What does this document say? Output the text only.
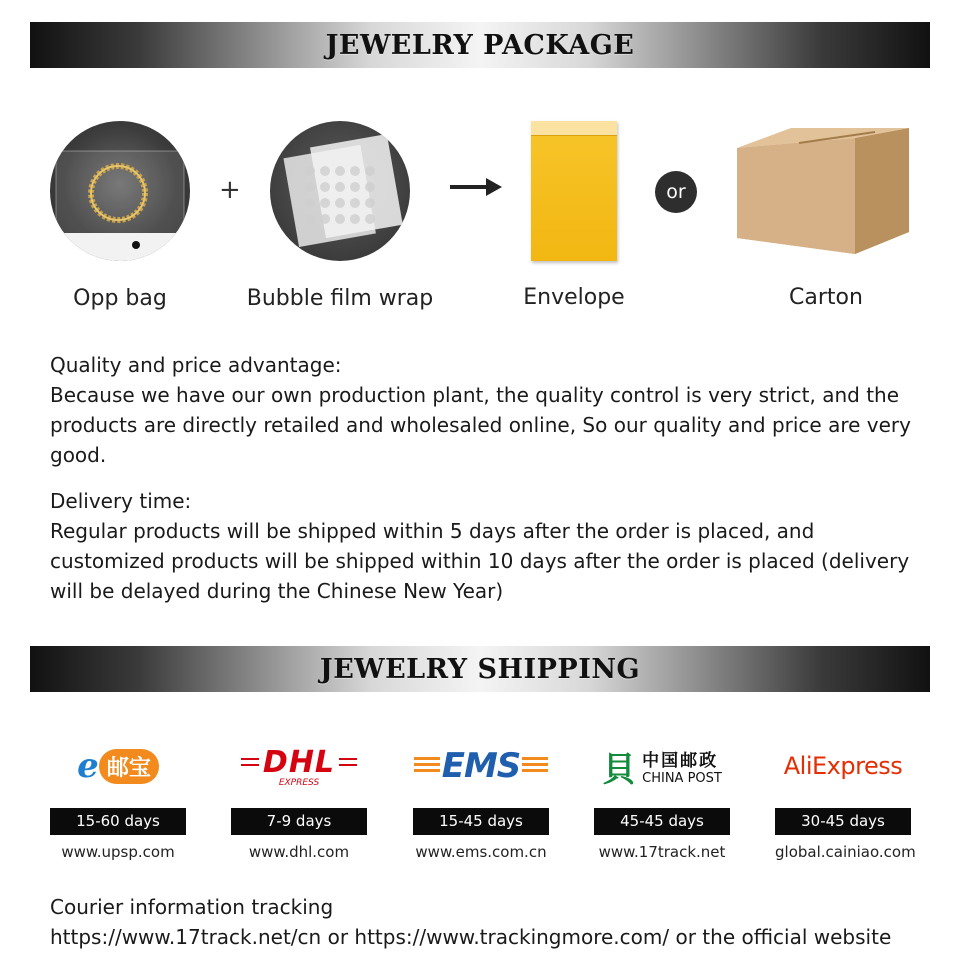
JEWELRY PACKAGE
+	or
Opp bag	Bubble film wrap	Envelope	Carton

Quality and price advantage:

Because we have our own production plant, the quality control is very strict, and the products are directly retailed and wholesaled online, So our quality and price are very good.

Delivery time:

Regular products will be shipped within 5 days after the order is placed, and customized products will be shipped within 10 days after the order is placed (delivery will be delayed during the Chinese New Year)

JEWELRY SHIPPING
e 邮宝
15-60 days
www.upsp.com
DHL
EXPRESS
7-9 days
www.dhl.com
EMS
15-45 days
www.ems.com.cn
⾙ 中国邮政
CHINA POST
45-45 days
www.17track.net
AliExpress
30-45 days
global.cainiao.com

Courier information tracking

https://www.17track.net/cn or https://www.trackingmore.com/ or the official website
